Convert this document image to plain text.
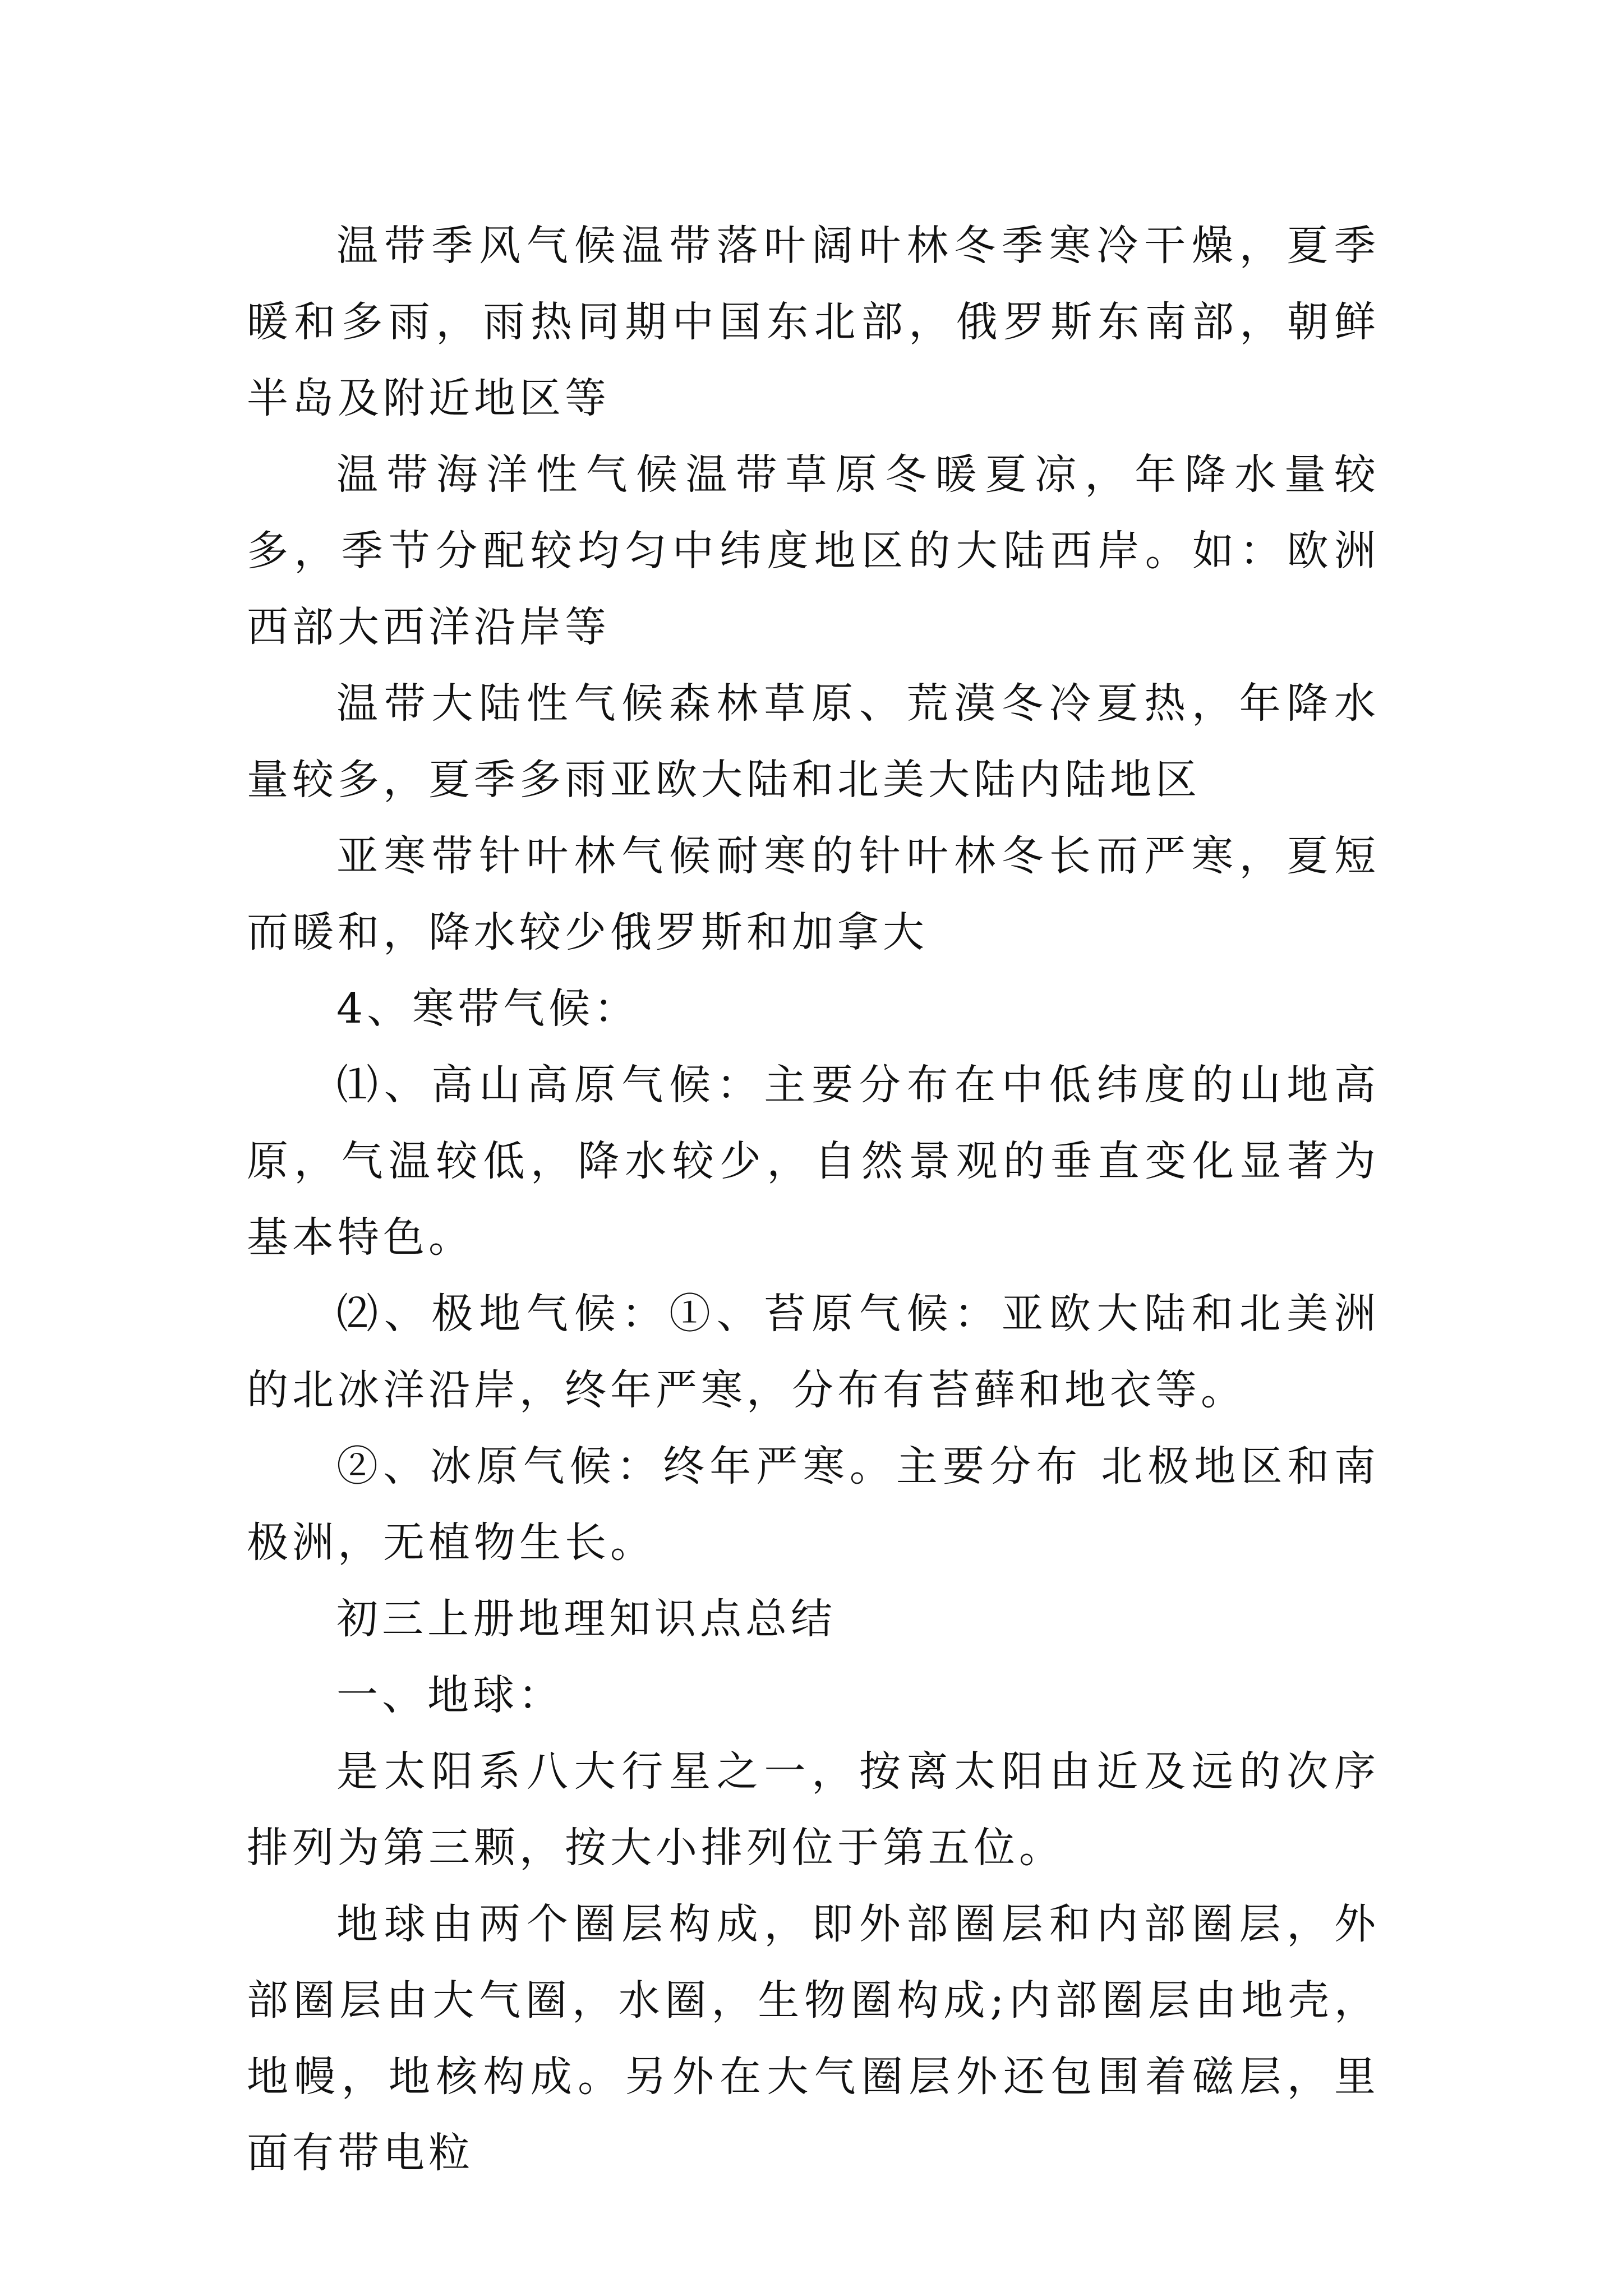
温带季风气候温带落叶阔叶林冬季寒冷干燥，夏季暖和多雨，雨热同期中国东北部，俄罗斯东南部，朝鲜半岛及附近地区等

温带海洋性气候温带草原冬暖夏凉，年降水量较多，季节分配较均匀中纬度地区的大陆西岸。如：欧洲西部大西洋沿岸等

温带大陆性气候森林草原、荒漠冬冷夏热，年降水量较多，夏季多雨亚欧大陆和北美大陆内陆地区

亚寒带针叶林气候耐寒的针叶林冬长而严寒，夏短而暖和，降水较少俄罗斯和加拿大

4、寒带气候：

⑴、高山高原气候：主要分布在中低纬度的山地高原，气温较低，降水较少，自然景观的垂直变化显著为基本特色。

⑵、极地气候：①、苔原气候：亚欧大陆和北美洲的北冰洋沿岸，终年严寒，分布有苔藓和地衣等。

②、冰原气候：终年严寒。主要分布 北极地区和南极洲，无植物生长。

初三上册地理知识点总结

一、地球：

是太阳系八大行星之一，按离太阳由近及远的次序排列为第三颗，按大小排列位于第五位。

地球由两个圈层构成，即外部圈层和内部圈层，外部圈层由大气圈，水圈，生物圈构成;内部圈层由地壳，地幔，地核构成。另外在大气圈层外还包围着磁层，里面有带电粒
